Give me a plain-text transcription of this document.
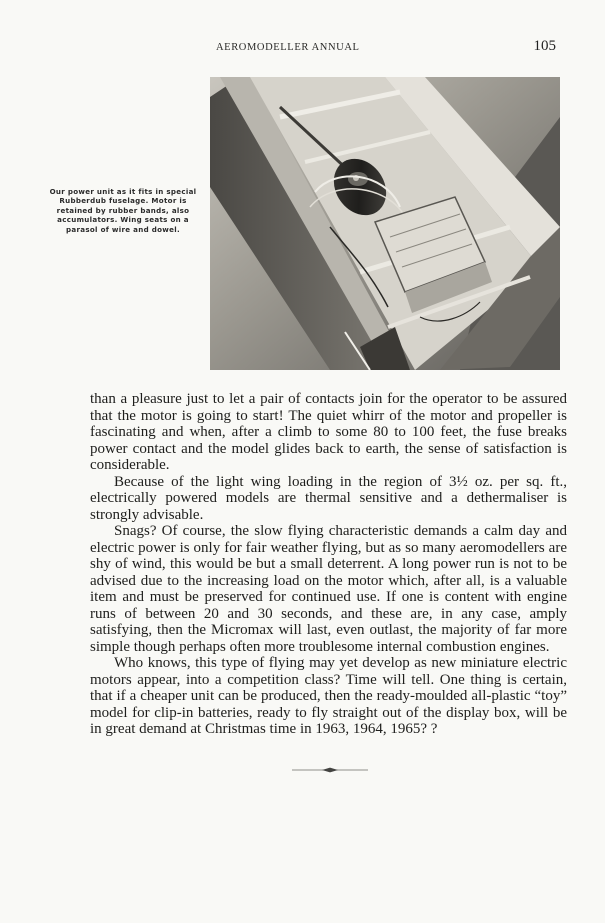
AEROMODELLER ANNUAL	105
Our power unit as it fits in special Rubberdub fuselage. Motor is retained by rubber bands, also accumulators. Wing seats on a parasol of wire and dowel.

than a pleasure just to let a pair of contacts join for the operator to be assured that the motor is going to start! The quiet whirr of the motor and propeller is fascinating and when, after a climb to some 80 to 100 feet, the fuse breaks power contact and the model glides back to earth, the sense of satisfaction is considerable.

Because of the light wing loading in the region of 3½ oz. per sq. ft., electrically powered models are thermal sensitive and a dethermaliser is strongly advisable.

Snags? Of course, the slow flying characteristic demands a calm day and electric power is only for fair weather flying, but as so many aeromodellers are shy of wind, this would be but a small deterrent. A long power run is not to be advised due to the increasing load on the motor which, after all, is a valuable item and must be preserved for continued use. If one is content with engine runs of between 20 and 30 seconds, and these are, in any case, amply satisfying, then the Micromax will last, even outlast, the majority of far more simple though perhaps often more troublesome internal combustion engines.

Who knows, this type of flying may yet develop as new miniature electric motors appear, into a competition class? Time will tell. One thing is certain, that if a cheaper unit can be produced, then the ready-moulded all-plastic “toy” model for clip-in batteries, ready to fly straight out of the display box, will be in great demand at Christmas time in 1963, 1964, 1965? ?
